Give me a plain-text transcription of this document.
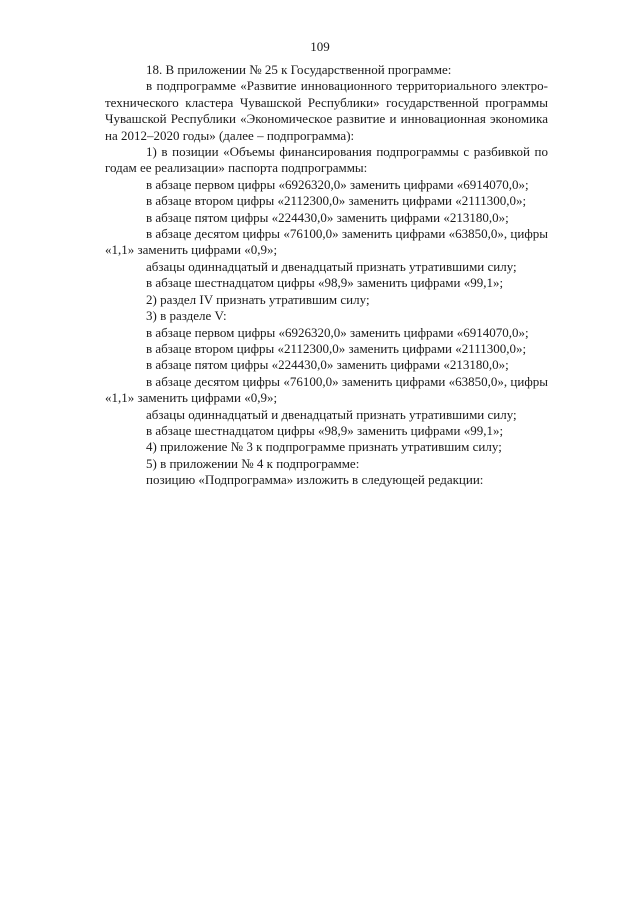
109

18. В приложении № 25 к Государственной программе:

в подпрограмме «Развитие инновационного территориального электротехнического кластера Чувашской Республики» государственной программы Чувашской Республики «Экономическое развитие и инновационная экономика на 2012–2020 годы» (далее – подпрограмма):

1) в позиции «Объемы финансирования подпрограммы с разбивкой по годам ее реализации» паспорта подпрограммы:

в абзаце первом цифры «6926320,0» заменить цифрами «6914070,0»;

в абзаце втором цифры «2112300,0» заменить цифрами «2111300,0»;

в абзаце пятом цифры «224430,0» заменить цифрами «213180,0»;

в абзаце десятом цифры «76100,0» заменить цифрами «63850,0», цифры «1,1» заменить цифрами «0,9»;

абзацы одиннадцатый и двенадцатый признать утратившими силу;

в абзаце шестнадцатом цифры «98,9» заменить цифрами «99,1»;

2) раздел IV признать утратившим силу;

3) в разделе V:

в абзаце первом цифры «6926320,0» заменить цифрами «6914070,0»;

в абзаце втором цифры «2112300,0» заменить цифрами «2111300,0»;

в абзаце пятом цифры «224430,0» заменить цифрами «213180,0»;

в абзаце десятом цифры «76100,0» заменить цифрами «63850,0», цифры «1,1» заменить цифрами «0,9»;

абзацы одиннадцатый и двенадцатый признать утратившими силу;

в абзаце шестнадцатом цифры «98,9» заменить цифрами «99,1»;

4) приложение № 3 к подпрограмме признать утратившим силу;

5) в приложении № 4 к подпрограмме:

позицию «Подпрограмма» изложить в следующей редакции:
